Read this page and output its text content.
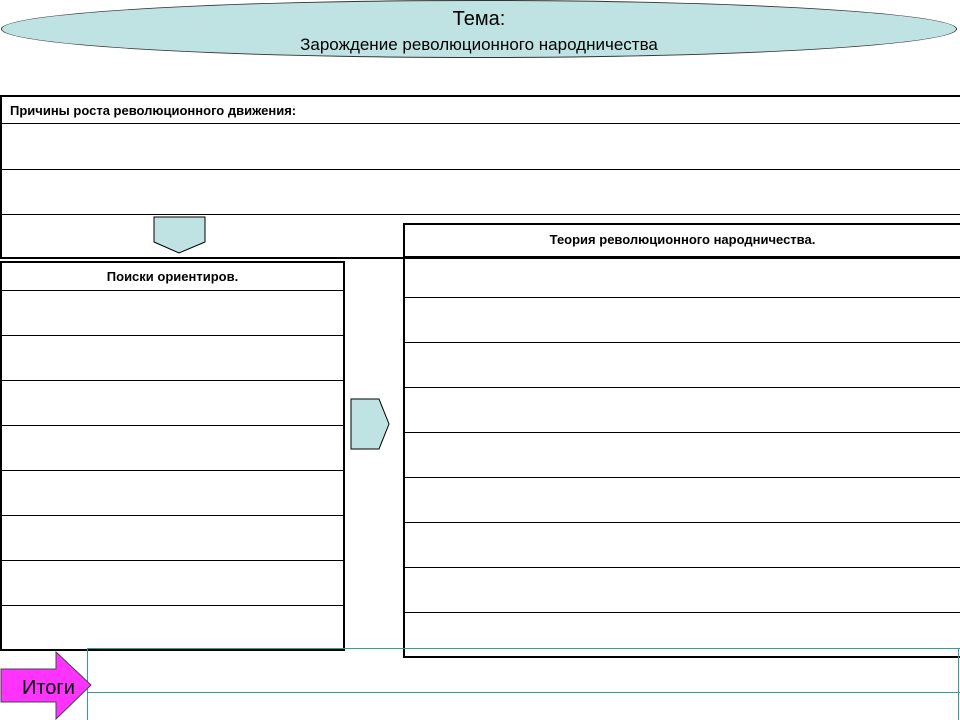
Тема:
Зарождение революционного народничества
Причины роста революционного движения:
Поиски ориентиров.
Теория революционного народничества.
Итоги
